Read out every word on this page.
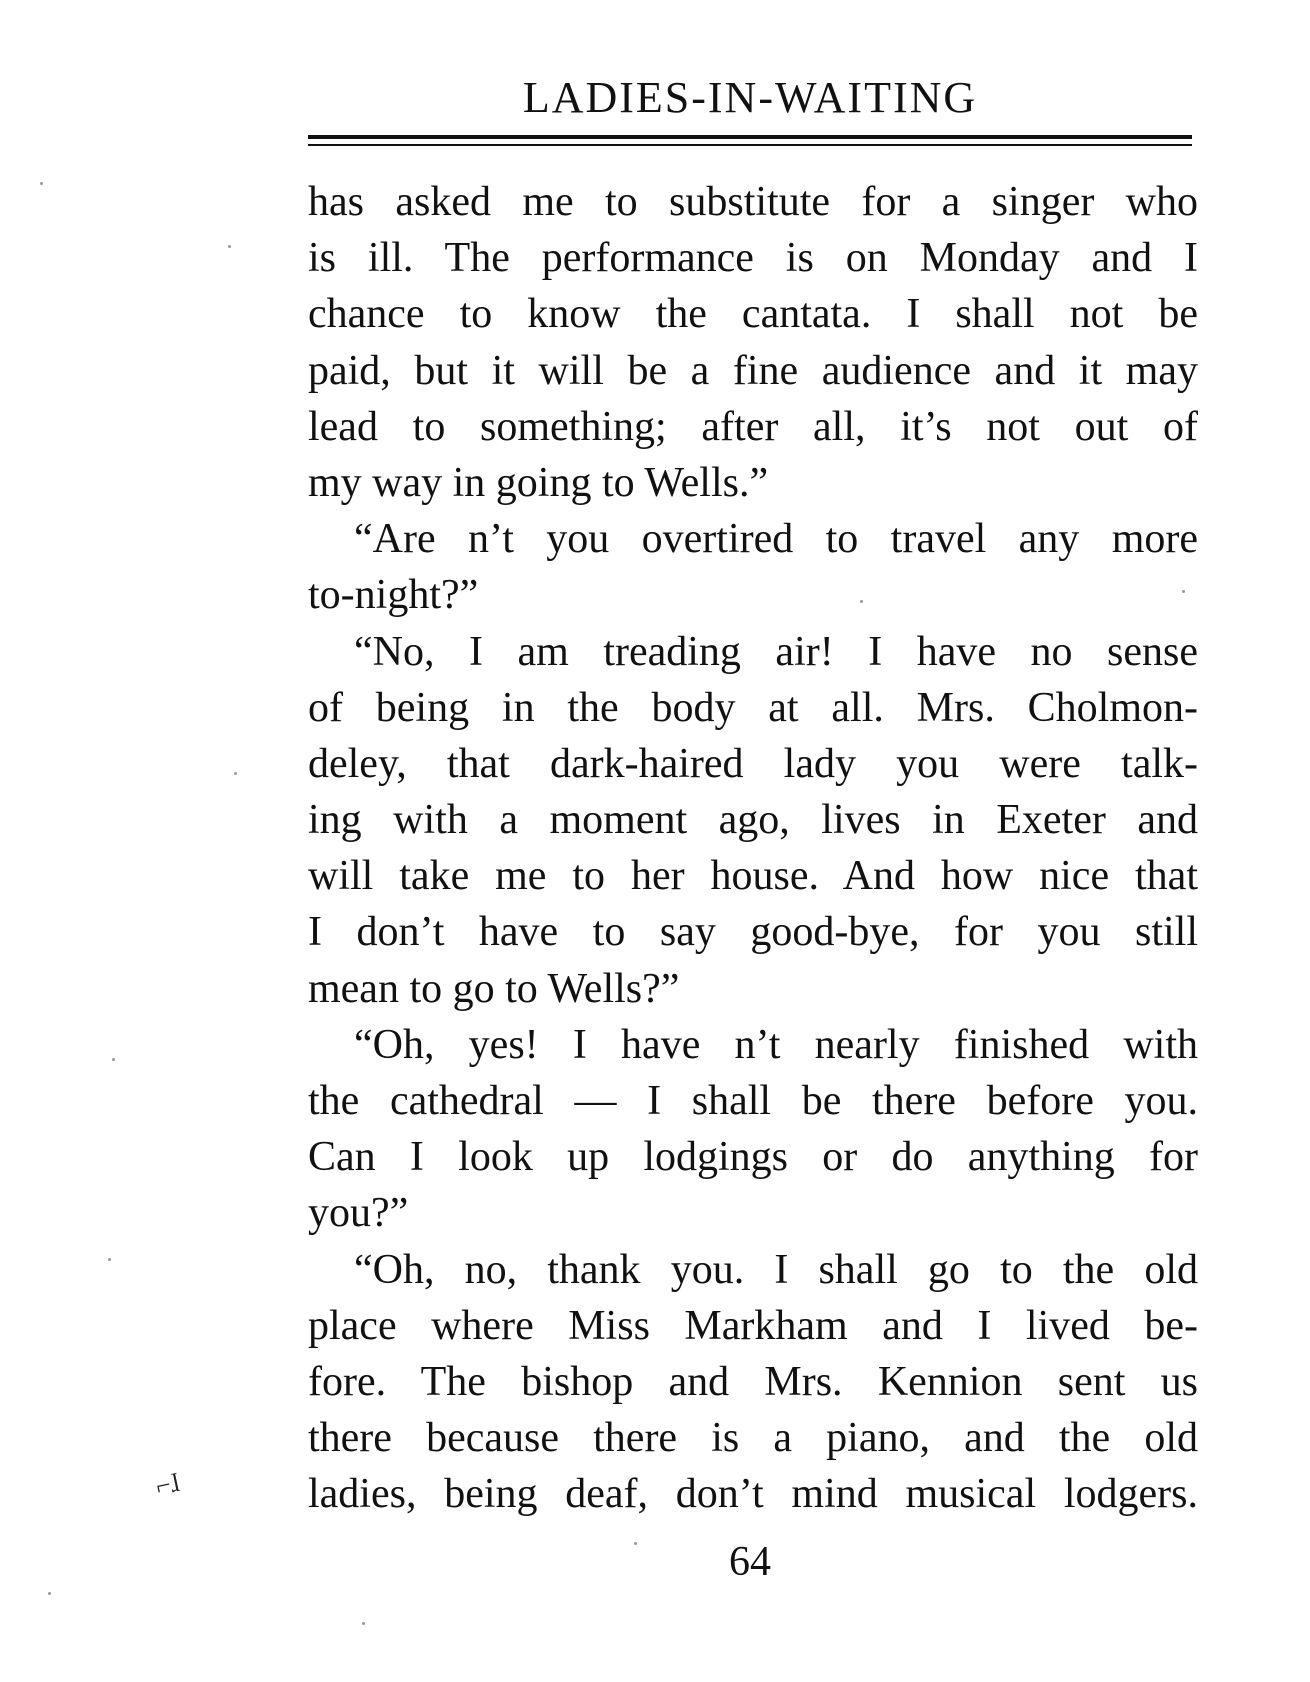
LADIES-IN-WAITING
has asked me to substitute for a singer who
is ill. The performance is on Monday and I
chance to know the cantata. I shall not be
paid, but it will be a fine audience and it may
lead to something; after all, it’s not out of
my way in going to Wells.”
“Are n’t you overtired to travel any more
to-night?”
“No, I am treading air! I have no sense
of being in the body at all. Mrs. Cholmon-
deley, that dark-haired lady you were talk-
ing with a moment ago, lives in Exeter and
will take me to her house. And how nice that
I don’t have to say good-bye, for you still
mean to go to Wells?”
“Oh, yes! I have n’t nearly finished with
the cathedral — I shall be there before you.
Can I look up lodgings or do anything for
you?”
“Oh, no, thank you. I shall go to the old
place where Miss Markham and I lived be-
fore. The bishop and Mrs. Kennion sent us
there because there is a piano, and the old
ladies, being deaf, don’t mind musical lodgers.
⌐ɺ
64
